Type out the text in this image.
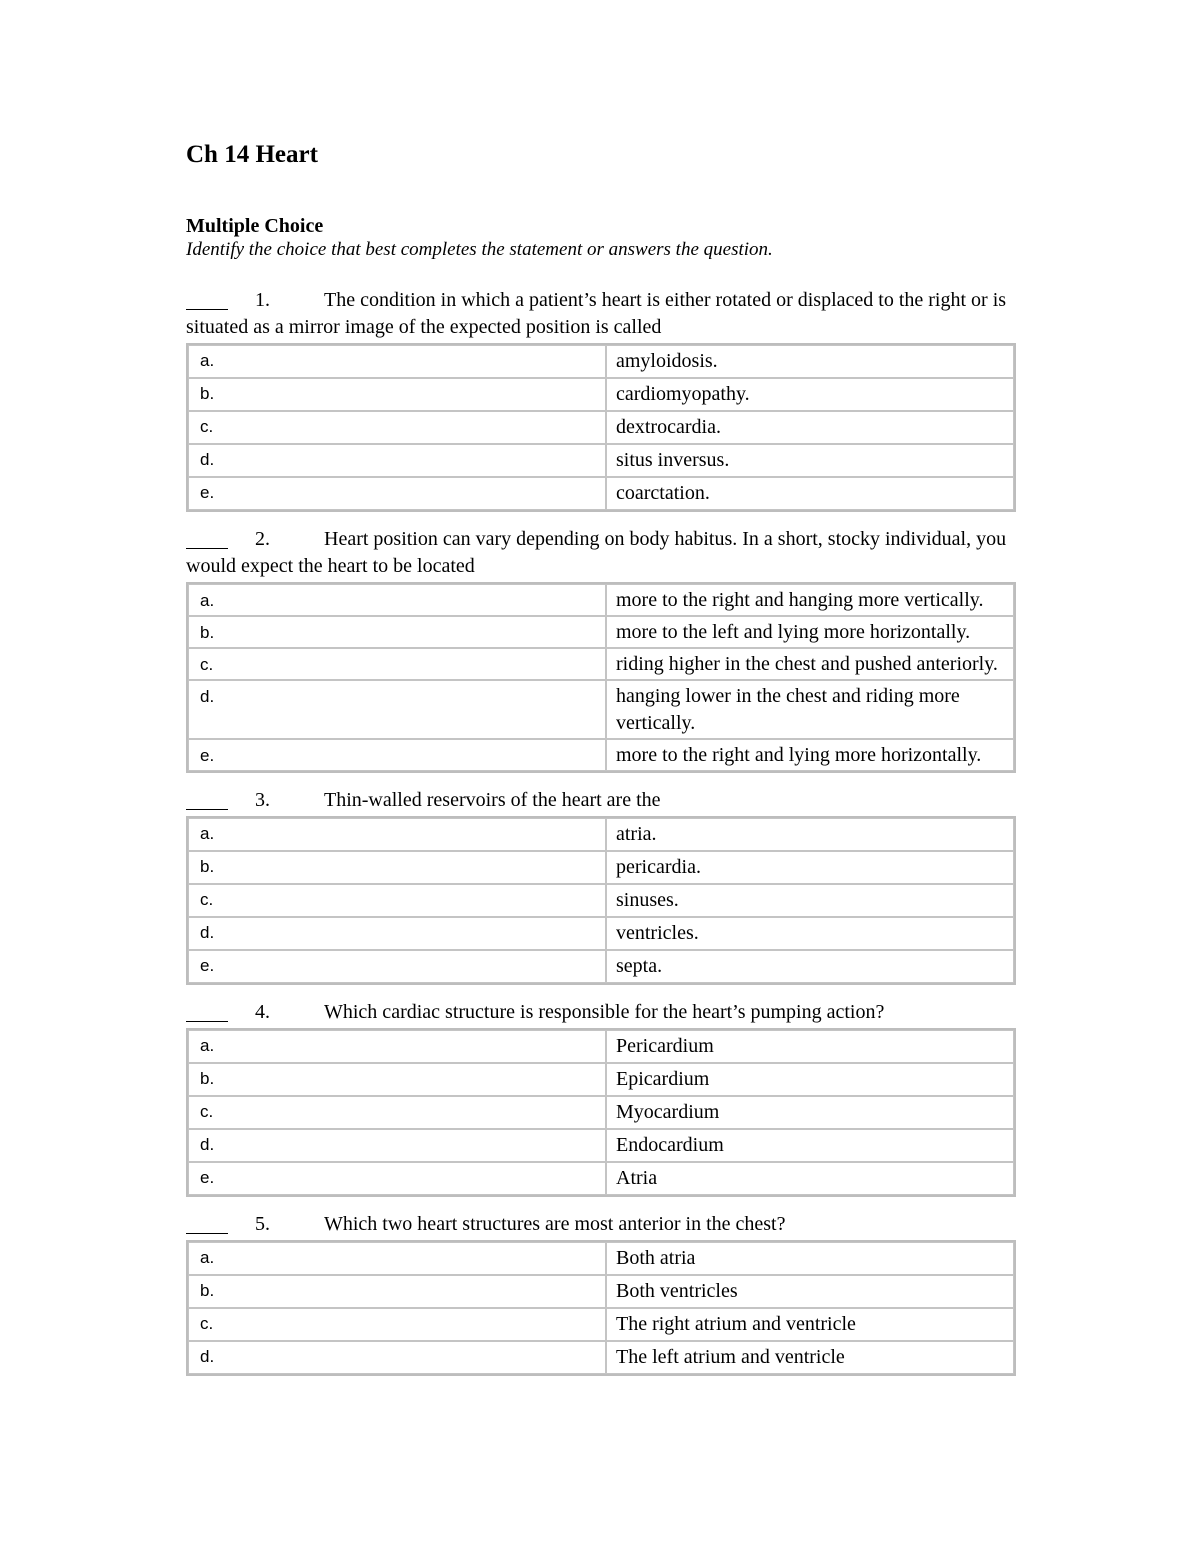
Ch 14 Heart
Multiple Choice
Identify the choice that best completes the statement or answers the question.
1.	The condition in which a patient’s heart is either rotated or displaced to the right or is situated as a mirror image of the expected position is called
a.	amyloidosis.
b.	cardiomyopathy.
c.	dextrocardia.
d.	situs inversus.
e.	coarctation.
2.	Heart position can vary depending on body habitus. In a short, stocky individual, you would expect the heart to be located
a.	more to the right and hanging more vertically.
b.	more to the left and lying more horizontally.
c.	riding higher in the chest and pushed anteriorly.
d.	hanging lower in the chest and riding more vertically.
e.	more to the right and lying more horizontally.
3.	Thin-walled reservoirs of the heart are the
a.	atria.
b.	pericardia.
c.	sinuses.
d.	ventricles.
e.	septa.
4.	Which cardiac structure is responsible for the heart’s pumping action?
a.	Pericardium
b.	Epicardium
c.	Myocardium
d.	Endocardium
e.	Atria
5.	Which two heart structures are most anterior in the chest?
a.	Both atria
b.	Both ventricles
c.	The right atrium and ventricle
d.	The left atrium and ventricle
